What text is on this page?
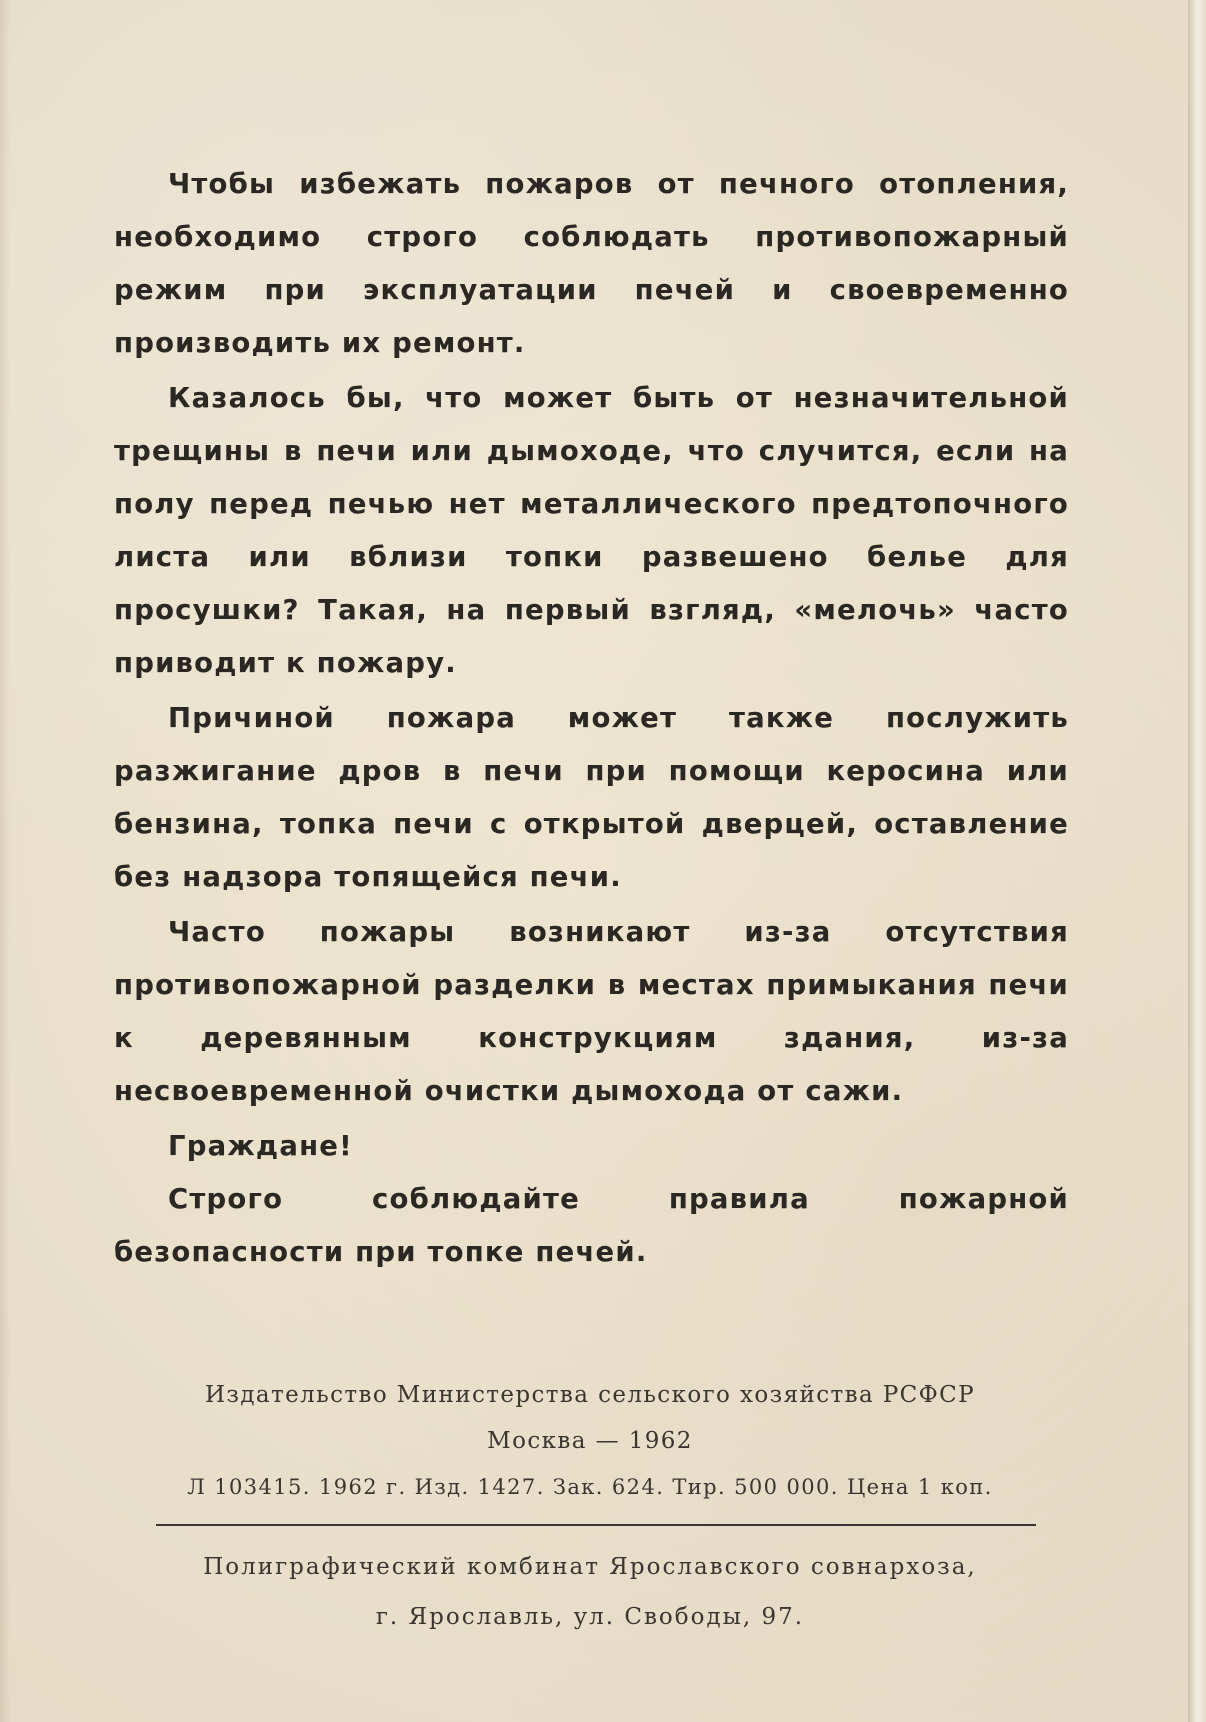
Чтобы избежать пожаров от печного отопления, необходимо строго соблюдать противопожарный режим при эксплуатации печей и своевременно производить их ремонт.

Казалось бы, что может быть от незначительной трещины в печи или дымоходе, что случится, если на полу перед печью нет металлического предтопочного листа или вблизи топки развешено белье для просушки? Такая, на первый взгляд, «мелочь» часто приводит к пожару.

Причиной пожара может также послужить разжигание дров в печи при помощи керосина или бензина, топка печи с открытой дверцей, оставление без надзора топящейся печи.

Часто пожары возникают из-за отсутствия противопожарной разделки в местах примыкания печи к деревянным конструкциям здания, из-за несвоевременной очистки дымохода от сажи.

Граждане!

Строго соблюдайте правила пожарной безопасности при топке печей.

Издательство Министерства сельского хозяйства РСФСР
Москва — 1962
Л 103415. 1962 г. Изд. 1427. Зак. 624. Тир. 500 000. Цена 1 коп.
Полиграфический комбинат Ярославского совнархоза,
г. Ярославль, ул. Свободы, 97.
